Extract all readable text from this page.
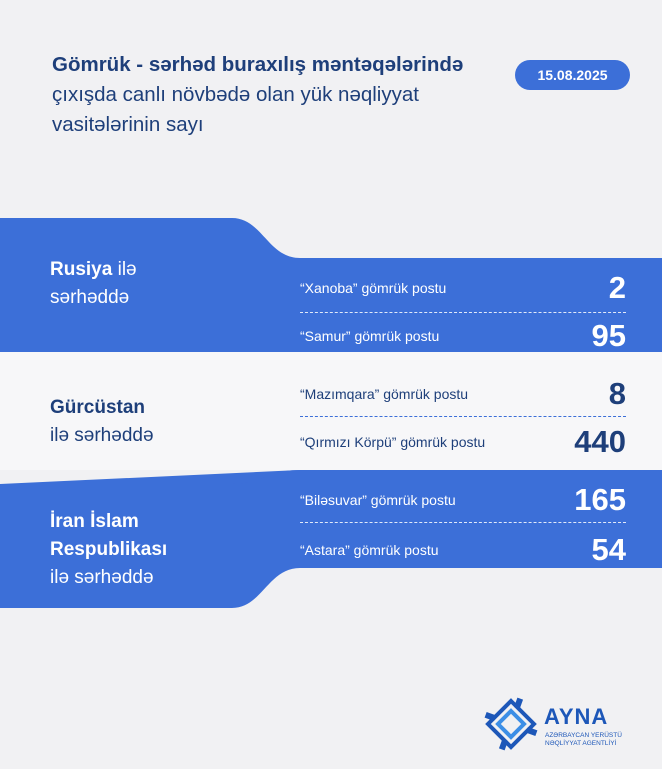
Gömrük - sərhəd buraxılış məntəqələrində çıxışda canlı növbədə olan yük nəqliyyat vasitələrinin sayı
15.08.2025
Rusiya ilə
sərhəddə	“Xanoba” gömrük postu	2
“Samur” gömrük postu	95
Gürcüstan
ilə sərhəddə
“Mazımqara” gömrük postu	8
“Qırmızı Körpü” gömrük postu	440
İran İslam
Respublikası
ilə sərhəddə
“Biləsuvar” gömrük postu	165
“Astara” gömrük postu	54
AYNA
AZƏRBAYCAN YERÜSTÜ
NƏQLİYYAT AGENTLİYİ
